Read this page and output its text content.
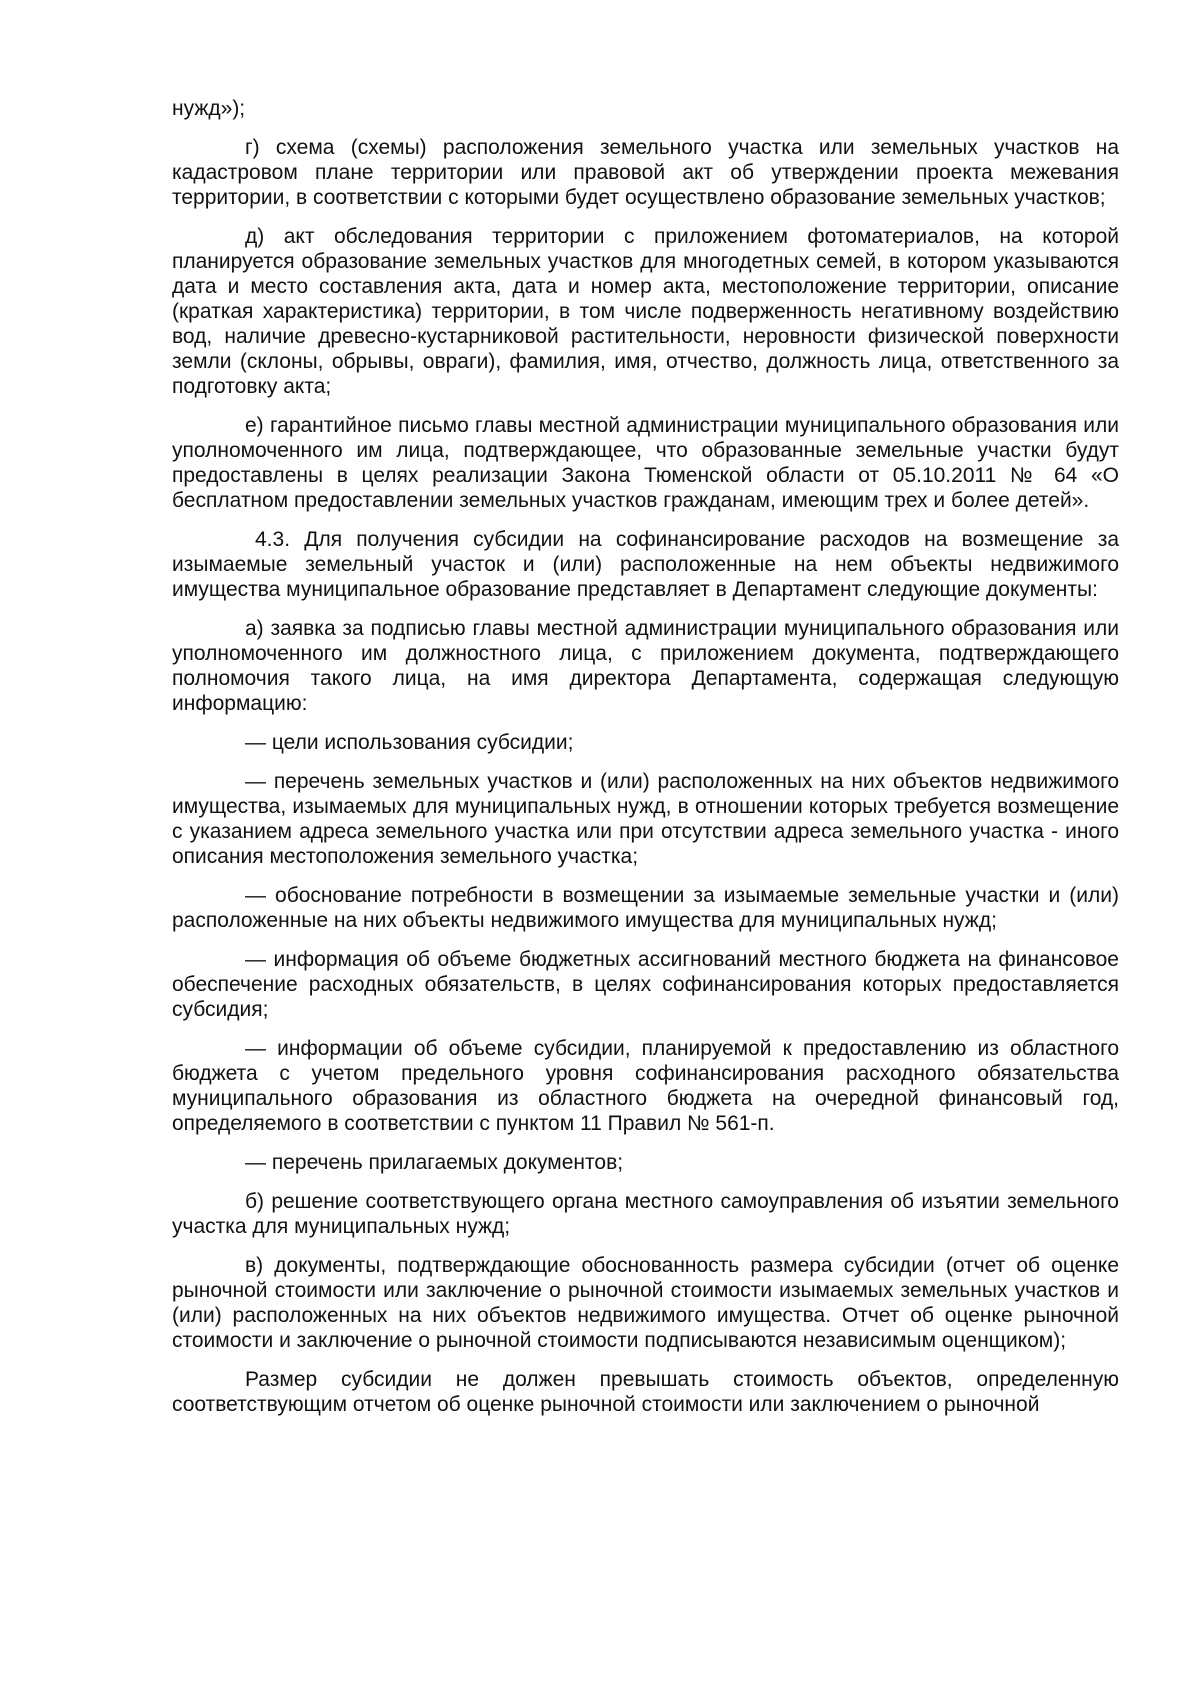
нужд»);

г) схема (схемы) расположения земельного участка или земельных участков на кадастровом плане территории или правовой акт об утверждении проекта межевания территории, в соответствии с которыми будет осуществлено образование земельных участков;

д) акт обследования территории с приложением фотоматериалов, на которой планируется образование земельных участков для многодетных семей, в котором указываются дата и место составления акта, дата и номер акта, местоположение территории, описание (краткая характеристика) территории, в том числе подверженность негативному воздействию вод, наличие древесно-кустарниковой растительности, неровности физической поверхности земли (склоны, обрывы, овраги), фамилия, имя, отчество, должность лица, ответственного за подготовку акта;

е) гарантийное письмо главы местной администрации муниципального образования или уполномоченного им лица, подтверждающее, что образованные земельные участки будут предоставлены в целях реализации Закона Тюменской области от 05.10.2011 № 64 «О бесплатном предоставлении земельных участков гражданам, имеющим трех и более детей».

4.3. Для получения субсидии на софинансирование расходов на возмещение за изымаемые земельный участок и (или) расположенные на нем объекты недвижимого имущества муниципальное образование представляет в Департамент следующие документы:

а) заявка за подписью главы местной администрации муниципального образования или уполномоченного им должностного лица, с приложением документа, подтверждающего полномочия такого лица, на имя директора Департамента, содержащая следующую информацию:

— цели использования субсидии;

— перечень земельных участков и (или) расположенных на них объектов недвижимого имущества, изымаемых для муниципальных нужд, в отношении которых требуется возмещение с указанием адреса земельного участка или при отсутствии адреса земельного участка - иного описания местоположения земельного участка;

— обоснование потребности в возмещении за изымаемые земельные участки и (или) расположенные на них объекты недвижимого имущества для муниципальных нужд;

— информация об объеме бюджетных ассигнований местного бюджета на финансовое обеспечение расходных обязательств, в целях софинансирования которых предоставляется субсидия;

— информации об объеме субсидии, планируемой к предоставлению из областного бюджета с учетом предельного уровня софинансирования расходного обязательства муниципального образования из областного бюджета на очередной финансовый год, определяемого в соответствии с пунктом 11 Правил № 561-п.

— перечень прилагаемых документов;

б) решение соответствующего органа местного самоуправления об изъятии земельного участка для муниципальных нужд;

в) документы, подтверждающие обоснованность размера субсидии (отчет об оценке рыночной стоимости или заключение о рыночной стоимости изымаемых земельных участков и (или) расположенных на них объектов недвижимого имущества. Отчет об оценке рыночной стоимости и заключение о рыночной стоимости подписываются независимым оценщиком);

Размер субсидии не должен превышать стоимость объектов, определенную соответствующим отчетом об оценке рыночной стоимости или заключением о рыночной
